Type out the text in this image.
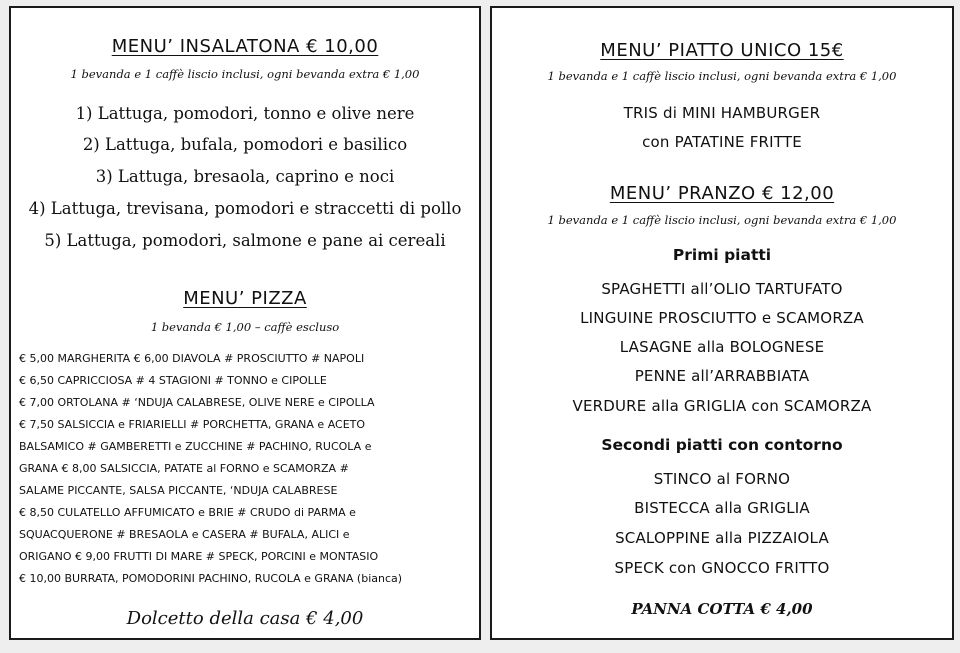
MENU’ INSALATONA € 10,00
1 bevanda e 1 caffè liscio inclusi, ogni bevanda extra € 1,00
1) Lattuga, pomodori, tonno e olive nere
2) Lattuga, bufala, pomodori e basilico
3) Lattuga, bresaola, caprino e noci
4) Lattuga, trevisana, pomodori e straccetti di pollo
5) Lattuga, pomodori, salmone e pane ai cereali
MENU’ PIZZA
1 bevanda € 1,00 – caffè escluso
€ 5,00 MARGHERITA € 6,00 DIAVOLA # PROSCIUTTO # NAPOLI
€ 6,50 CAPRICCIOSA # 4 STAGIONI # TONNO e CIPOLLE
€ 7,00 ORTOLANA # ‘NDUJA CALABRESE, OLIVE NERE e CIPOLLA
€ 7,50 SALSICCIA e FRIARIELLI # PORCHETTA, GRANA e ACETO
BALSAMICO # GAMBERETTI e ZUCCHINE # PACHINO, RUCOLA e
GRANA € 8,00 SALSICCIA, PATATE al FORNO e SCAMORZA #
SALAME PICCANTE, SALSA PICCANTE, ‘NDUJA CALABRESE
€ 8,50 CULATELLO AFFUMICATO e BRIE # CRUDO di PARMA e
SQUACQUERONE # BRESAOLA e CASERA # BUFALA, ALICI e
ORIGANO € 9,00 FRUTTI DI MARE # SPECK, PORCINI e MONTASIO
€ 10,00 BURRATA, POMODORINI PACHINO, RUCOLA e GRANA (bianca)
Dolcetto della casa € 4,00
MENU’ PIATTO UNICO 15€
1 bevanda e 1 caffè liscio inclusi, ogni bevanda extra € 1,00
TRIS di MINI HAMBURGER
con PATATINE FRITTE
MENU’ PRANZO € 12,00
1 bevanda e 1 caffè liscio inclusi, ogni bevanda extra € 1,00
Primi piatti
SPAGHETTI all’OLIO TARTUFATO
LINGUINE PROSCIUTTO e SCAMORZA
LASAGNE alla BOLOGNESE
PENNE all’ARRABBIATA
VERDURE alla GRIGLIA con SCAMORZA
Secondi piatti con contorno
STINCO al FORNO
BISTECCA alla GRIGLIA
SCALOPPINE alla PIZZAIOLA
SPECK con GNOCCO FRITTO
PANNA COTTA € 4,00
